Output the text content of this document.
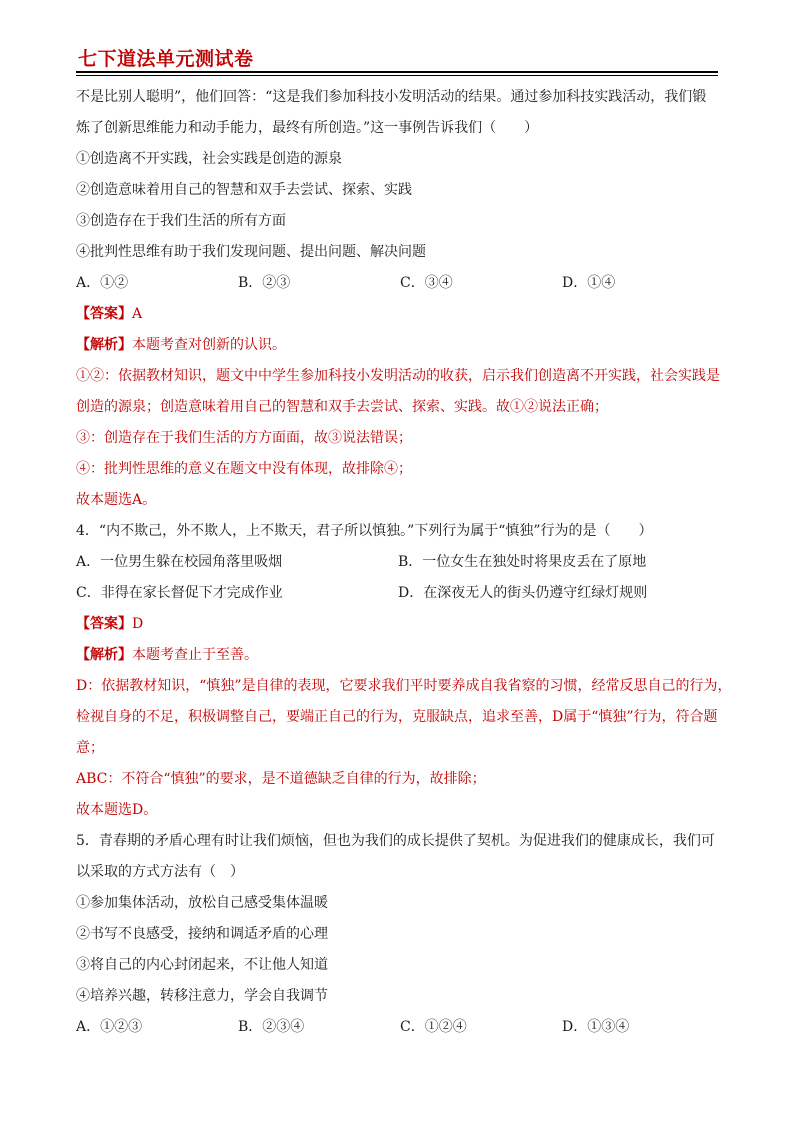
七下道法单元测试卷
不是比别人聪明”，他们回答：“这是我们参加科技小发明活动的结果。通过参加科技实践活动，我们锻
炼了创新思维能力和动手能力，最终有所创造。”这一事例告诉我们（　　）
①创造离不开实践，社会实践是创造的源泉
②创造意味着用自己的智慧和双手去尝试、探索、实践
③创造存在于我们生活的所有方面
④批判性思维有助于我们发现问题、提出问题、解决问题
A．①②	B．②③	C．③④	D．①④
【答案】A
【解析】本题考查对创新的认识。
①②：依据教材知识，题文中中学生参加科技小发明活动的收获，启示我们创造离不开实践，社会实践是
创造的源泉；创造意味着用自己的智慧和双手去尝试、探索、实践。故①②说法正确；
③：创造存在于我们生活的方方面面，故③说法错误；
④：批判性思维的意义在题文中没有体现，故排除④；
故本题选A。
4．“内不欺己，外不欺人，上不欺天，君子所以慎独。”下列行为属于“慎独”行为的是（　　）
A．一位男生躲在校园角落里吸烟	B．一位女生在独处时将果皮丢在了原地
C．非得在家长督促下才完成作业	D．在深夜无人的街头仍遵守红绿灯规则
【答案】D
【解析】本题考查止于至善。
D：依据教材知识，“慎独”是自律的表现，它要求我们平时要养成自我省察的习惯，经常反思自己的行为，
检视自身的不足，积极调整自己，要端正自己的行为，克服缺点，追求至善，D属于“慎独”行为，符合题
意；
ABC：不符合“慎独”的要求，是不道德缺乏自律的行为，故排除；
故本题选D。
5．青春期的矛盾心理有时让我们烦恼，但也为我们的成长提供了契机。为促进我们的健康成长，我们可
以采取的方式方法有（　）
①参加集体活动，放松自己感受集体温暖
②书写不良感受，接纳和调适矛盾的心理
③将自己的内心封闭起来，不让他人知道
④培养兴趣，转移注意力，学会自我调节
A．①②③	B．②③④	C．①②④	D．①③④
